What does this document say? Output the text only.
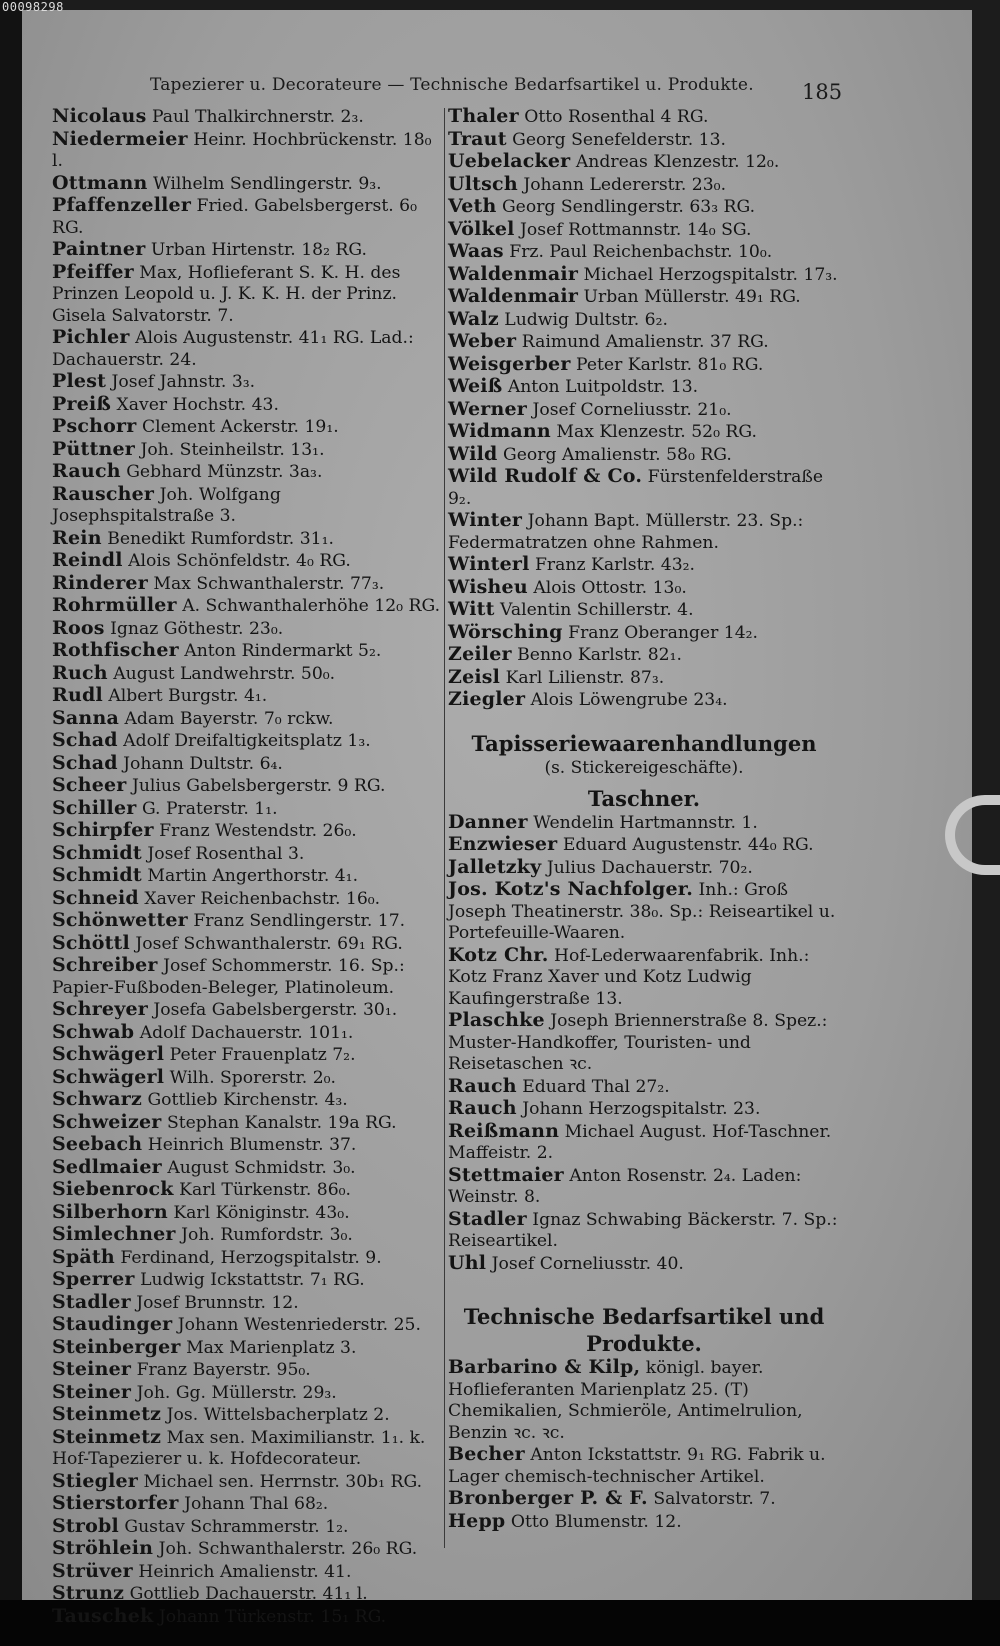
00098298
Tapezierer u. Decorateure — Technische Bedarfsartikel u. Produkte. 185

Nicolaus Paul Thalkirchnerstr. 2₃.

Niedermeier Heinr. Hochbrückenstr. 18₀ l.

Ottmann Wilhelm Sendlingerstr. 9₃.

Pfaffenzeller Fried. Gabelsbergerst. 6₀ RG.

Paintner Urban Hirtenstr. 18₂ RG.

Pfeiffer Max, Hoflieferant S. K. H. des Prinzen Leopold u. J. K. K. H. der Prinz. Gisela Salvatorstr. 7.

Pichler Alois Augustenstr. 41₁ RG. Lad.: Dachauerstr. 24.

Plest Josef Jahnstr. 3₃.

Preiß Xaver Hochstr. 43.

Pschorr Clement Ackerstr. 19₁.

Püttner Joh. Steinheilstr. 13₁.

Rauch Gebhard Münzstr. 3a₃.

Rauscher Joh. Wolfgang Josephspitalstraße 3.

Rein Benedikt Rumfordstr. 31₁.

Reindl Alois Schönfeldstr. 4₀ RG.

Rinderer Max Schwanthalerstr. 77₃.

Rohrmüller A. Schwanthalerhöhe 12₀ RG.

Roos Ignaz Göthestr. 23₀.

Rothfischer Anton Rindermarkt 5₂.

Ruch August Landwehrstr. 50₀.

Rudl Albert Burgstr. 4₁.

Sanna Adam Bayerstr. 7₀ rckw.

Schad Adolf Dreifaltigkeitsplatz 1₃.

Schad Johann Dultstr. 6₄.

Scheer Julius Gabelsbergerstr. 9 RG.

Schiller G. Praterstr. 1₁.

Schirpfer Franz Westendstr. 26₀.

Schmidt Josef Rosenthal 3.

Schmidt Martin Angerthorstr. 4₁.

Schneid Xaver Reichenbachstr. 16₀.

Schönwetter Franz Sendlingerstr. 17.

Schöttl Josef Schwanthalerstr. 69₁ RG.

Schreiber Josef Schommerstr. 16. Sp.: Papier-Fußboden-Beleger, Platinoleum.

Schreyer Josefa Gabelsbergerstr. 30₁.

Schwab Adolf Dachauerstr. 101₁.

Schwägerl Peter Frauenplatz 7₂.

Schwägerl Wilh. Sporerstr. 2₀.

Schwarz Gottlieb Kirchenstr. 4₃.

Schweizer Stephan Kanalstr. 19a RG.

Seebach Heinrich Blumenstr. 37.

Sedlmaier August Schmidstr. 3₀.

Siebenrock Karl Türkenstr. 86₀.

Silberhorn Karl Königinstr. 43₀.

Simlechner Joh. Rumfordstr. 3₀.

Späth Ferdinand, Herzogspitalstr. 9.

Sperrer Ludwig Ickstattstr. 7₁ RG.

Stadler Josef Brunnstr. 12.

Staudinger Johann Westenriederstr. 25.

Steinberger Max Marienplatz 3.

Steiner Franz Bayerstr. 95₀.

Steiner Joh. Gg. Müllerstr. 29₃.

Steinmetz Jos. Wittelsbacherplatz 2.

Steinmetz Max sen. Maximilianstr. 1₁. k. Hof-Tapezierer u. k. Hofdecorateur.

Stiegler Michael sen. Herrnstr. 30b₁ RG.

Stierstorfer Johann Thal 68₂.

Strobl Gustav Schrammerstr. 1₂.

Ströhlein Joh. Schwanthalerstr. 26₀ RG.

Strüver Heinrich Amalienstr. 41.

Strunz Gottlieb Dachauerstr. 41₁ l.

Tauschek Johann Türkenstr. 15₁ RG.

Thaler Otto Rosenthal 4 RG.

Traut Georg Senefelderstr. 13.

Uebelacker Andreas Klenzestr. 12₀.

Ultsch Johann Ledererstr. 23₀.

Veth Georg Sendlingerstr. 63₃ RG.

Völkel Josef Rottmannstr. 14₀ SG.

Waas Frz. Paul Reichenbachstr. 10₀.

Waldenmair Michael Herzogspitalstr. 17₃.

Waldenmair Urban Müllerstr. 49₁ RG.

Walz Ludwig Dultstr. 6₂.

Weber Raimund Amalienstr. 37 RG.

Weisgerber Peter Karlstr. 81₀ RG.

Weiß Anton Luitpoldstr. 13.

Werner Josef Corneliusstr. 21₀.

Widmann Max Klenzestr. 52₀ RG.

Wild Georg Amalienstr. 58₀ RG.

Wild Rudolf & Co. Fürstenfelderstraße 9₂.

Winter Johann Bapt. Müllerstr. 23. Sp.: Federmatratzen ohne Rahmen.

Winterl Franz Karlstr. 43₂.

Wisheu Alois Ottostr. 13₀.

Witt Valentin Schillerstr. 4.

Wörsching Franz Oberanger 14₂.

Zeiler Benno Karlstr. 82₁.

Zeisl Karl Lilienstr. 87₃.

Ziegler Alois Löwengrube 23₄.

Tapisseriewaarenhandlungen
(s. Stickereigeschäfte).
Taschner.

Danner Wendelin Hartmannstr. 1.

Enzwieser Eduard Augustenstr. 44₀ RG.

Jalletzky Julius Dachauerstr. 70₂.

Jos. Kotz's Nachfolger. Inh.: Groß Joseph Theatinerstr. 38₀. Sp.: Reiseartikel u. Portefeuille-Waaren.

Kotz Chr. Hof-Lederwaarenfabrik. Inh.: Kotz Franz Xaver und Kotz Ludwig Kaufingerstraße 13.

Plaschke Joseph Briennerstraße 8. Spez.: Muster-Handkoffer, Touristen- und Reisetaschen ꝛc.

Rauch Eduard Thal 27₂.

Rauch Johann Herzogspitalstr. 23.

Reißmann Michael August. Hof-Taschner. Maffeistr. 2.

Stettmaier Anton Rosenstr. 2₄. Laden: Weinstr. 8.

Stadler Ignaz Schwabing Bäckerstr. 7. Sp.: Reiseartikel.

Uhl Josef Corneliusstr. 40.

Technische Bedarfsartikel und Produkte.

Barbarino & Kilp, königl. bayer. Hoflieferanten Marienplatz 25. (T) Chemikalien, Schmieröle, Antimelrulion, Benzin ꝛc. ꝛc.

Becher Anton Ickstattstr. 9₁ RG. Fabrik u. Lager chemisch-technischer Artikel.

Bronberger P. & F. Salvatorstr. 7.

Hepp Otto Blumenstr. 12.
